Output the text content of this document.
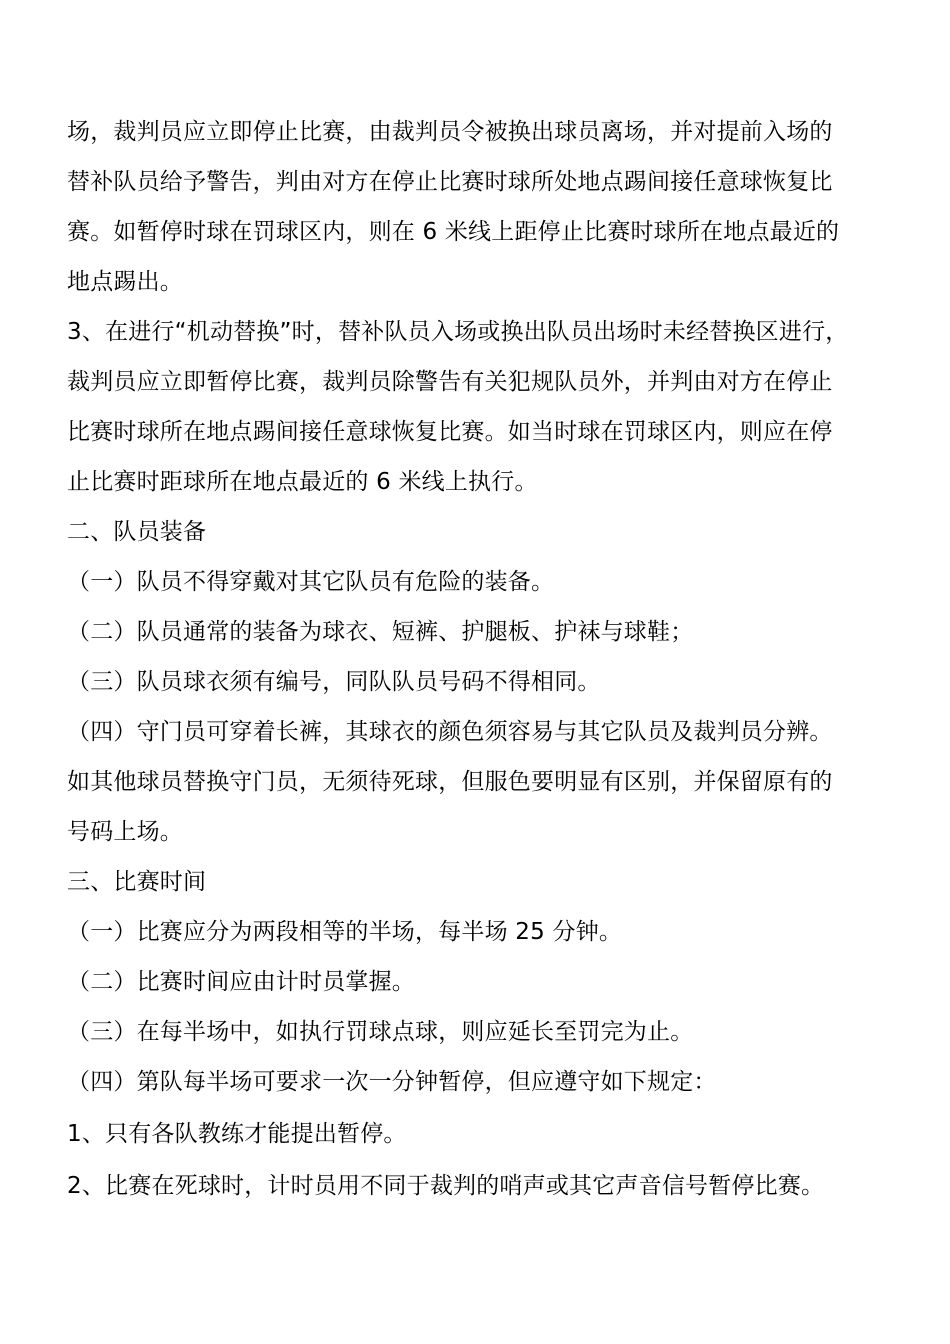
场，裁判员应立即停止比赛，由裁判员令被换出球员离场，并对提前入场的
替补队员给予警告，判由对方在停止比赛时球所处地点踢间接任意球恢复比
赛。如暂停时球在罚球区内，则在 6 米线上距停止比赛时球所在地点最近的
地点踢出。
3、在进行“机动替换”时，替补队员入场或换出队员出场时未经替换区进行，
裁判员应立即暂停比赛，裁判员除警告有关犯规队员外，并判由对方在停止
比赛时球所在地点踢间接任意球恢复比赛。如当时球在罚球区内，则应在停
止比赛时距球所在地点最近的 6 米线上执行。
二、队员装备
（一）队员不得穿戴对其它队员有危险的装备。
（二）队员通常的装备为球衣、短裤、护腿板、护袜与球鞋；
（三）队员球衣须有编号，同队队员号码不得相同。
（四）守门员可穿着长裤，其球衣的颜色须容易与其它队员及裁判员分辨。
如其他球员替换守门员，无须待死球，但服色要明显有区别，并保留原有的
号码上场。
三、比赛时间
（一）比赛应分为两段相等的半场，每半场 25 分钟。
（二）比赛时间应由计时员掌握。
（三）在每半场中，如执行罚球点球，则应延长至罚完为止。
（四）第队每半场可要求一次一分钟暂停，但应遵守如下规定：
1、只有各队教练才能提出暂停。
2、比赛在死球时，计时员用不同于裁判的哨声或其它声音信号暂停比赛。
